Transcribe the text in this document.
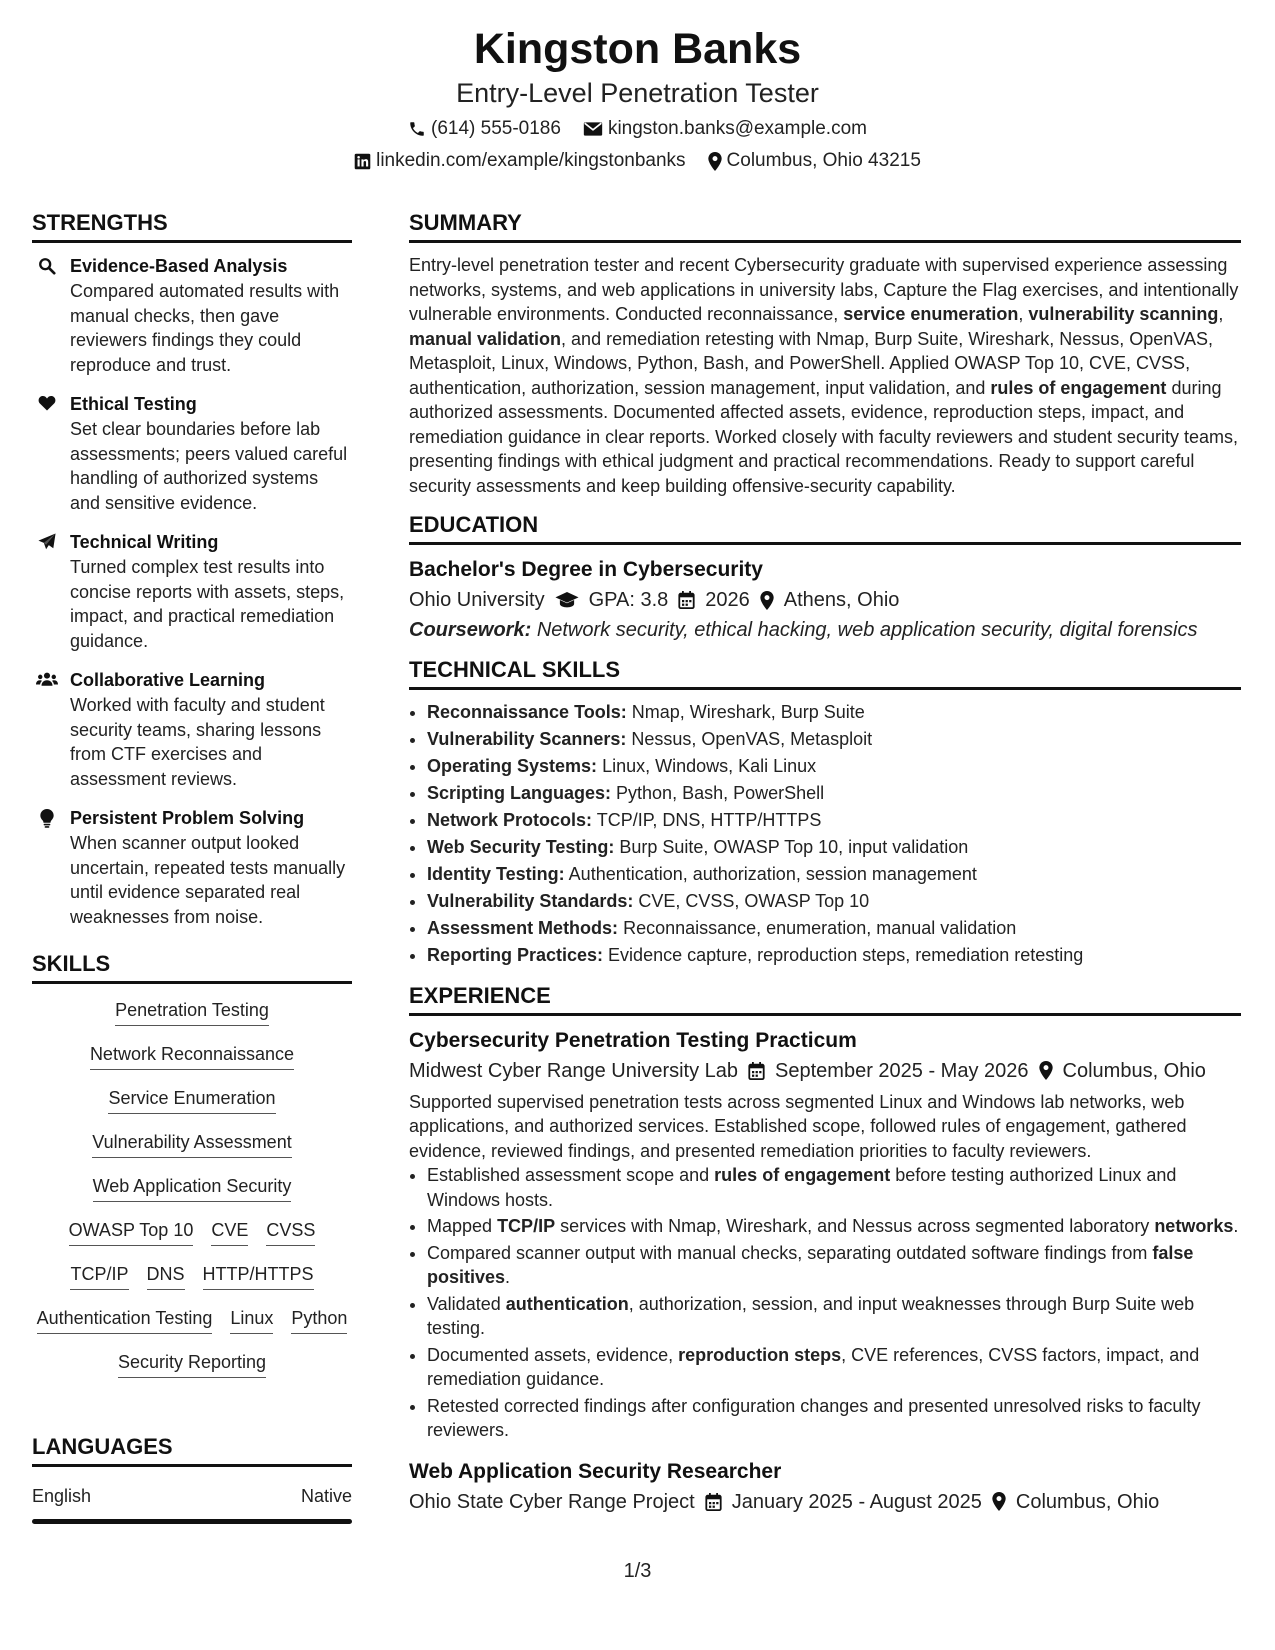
Kingston Banks
Entry-Level Penetration Tester
(614) 555-0186 kingston.banks@example.com
linkedin.com/example/kingstonbanks Columbus, Ohio 43215
STRENGTHS
Evidence-Based Analysis
Compared automated results with manual checks, then gave reviewers findings they could reproduce and trust.
Ethical Testing
Set clear boundaries before lab assessments; peers valued careful handling of authorized systems and sensitive evidence.
Technical Writing
Turned complex test results into concise reports with assets, steps, impact, and practical remediation guidance.
Collaborative Learning
Worked with faculty and student security teams, sharing lessons from CTF exercises and assessment reviews.
Persistent Problem Solving
When scanner output looked uncertain, repeated tests manually until evidence separated real weaknesses from noise.
SKILLS
Penetration Testing
Network Reconnaissance
Service Enumeration
Vulnerability Assessment
Web Application Security
OWASP Top 10 CVE CVSS
TCP/IP DNS HTTP/HTTPS
Authentication Testing Linux Python
Security Reporting
LANGUAGES
English	Native
SUMMARY
Entry-level penetration tester and recent Cybersecurity graduate with supervised experience assessing networks, systems, and web applications in university labs, Capture the Flag exercises, and intentionally vulnerable environments. Conducted reconnaissance, service enumeration, vulnerability scanning, manual validation, and remediation retesting with Nmap, Burp Suite, Wireshark, Nessus, OpenVAS, Metasploit, Linux, Windows, Python, Bash, and PowerShell. Applied OWASP Top 10, CVE, CVSS, authentication, authorization, session management, input validation, and rules of engagement during authorized assessments. Documented affected assets, evidence, reproduction steps, impact, and remediation guidance in clear reports. Worked closely with faculty reviewers and student security teams, presenting findings with ethical judgment and practical recommendations. Ready to support careful security assessments and keep building offensive-security capability.
EDUCATION
Bachelor's Degree in Cybersecurity
Ohio University GPA: 3.8 2026 Athens, Ohio
Coursework: Network security, ethical hacking, web application security, digital forensics
TECHNICAL SKILLS
• Reconnaissance Tools: Nmap, Wireshark, Burp Suite
• Vulnerability Scanners: Nessus, OpenVAS, Metasploit
• Operating Systems: Linux, Windows, Kali Linux
• Scripting Languages: Python, Bash, PowerShell
• Network Protocols: TCP/IP, DNS, HTTP/HTTPS
• Web Security Testing: Burp Suite, OWASP Top 10, input validation
• Identity Testing: Authentication, authorization, session management
• Vulnerability Standards: CVE, CVSS, OWASP Top 10
• Assessment Methods: Reconnaissance, enumeration, manual validation
• Reporting Practices: Evidence capture, reproduction steps, remediation retesting
EXPERIENCE
Cybersecurity Penetration Testing Practicum
Midwest Cyber Range University Lab September 2025 - May 2026 Columbus, Ohio
Supported supervised penetration tests across segmented Linux and Windows lab networks, web applications, and authorized services. Established scope, followed rules of engagement, gathered evidence, reviewed findings, and presented remediation priorities to faculty reviewers.
• Established assessment scope and rules of engagement before testing authorized Linux and Windows hosts.
• Mapped TCP/IP services with Nmap, Wireshark, and Nessus across segmented laboratory networks.
• Compared scanner output with manual checks, separating outdated software findings from false positives.
• Validated authentication, authorization, session, and input weaknesses through Burp Suite web testing.
• Documented assets, evidence, reproduction steps, CVE references, CVSS factors, impact, and remediation guidance.
• Retested corrected findings after configuration changes and presented unresolved risks to faculty reviewers.
Web Application Security Researcher
Ohio State Cyber Range Project January 2025 - August 2025 Columbus, Ohio
1/3
